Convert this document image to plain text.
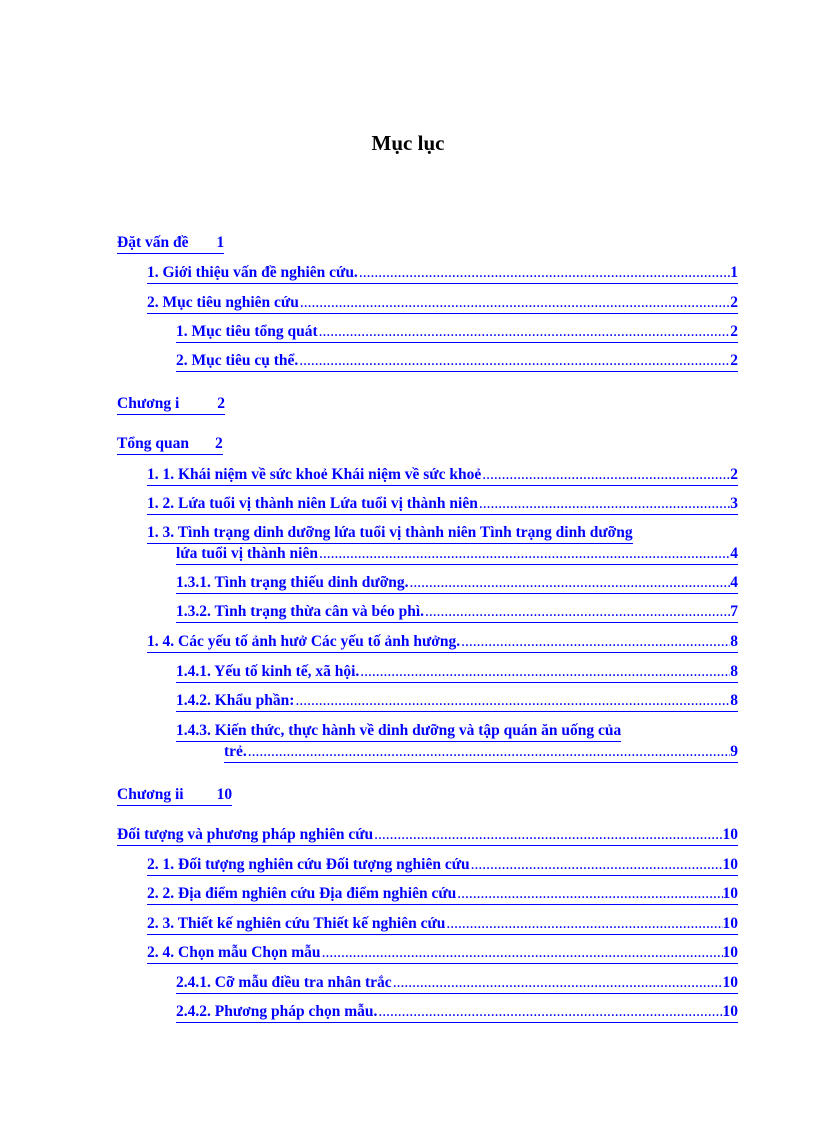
Mục lục
Đặt vấn đề 1
1. Giới thiệu vấn đề nghiên cứu. .....	1
2. Mục tiêu nghiên cứu .....	2
1. Mục tiêu tổng quát .....	2
2. Mục tiêu cụ thể. .....	2
Chương i 2
Tổng quan 2
1. 1. Khái niệm về sức khoẻ Khái niệm về sức khoẻ .....	2
1. 2. Lứa tuổi vị thành niên Lứa tuổi vị thành niên .....	3
1. 3. Tình trạng dinh dưỡng lứa tuổi vị thành niên Tình trạng dinh dưỡng
lứa tuổi vị thành niên .....	4
1.3.1. Tình trạng thiếu dinh dưỡng. .....	4
1.3.2. Tình trạng thừa cân và béo phì. .....	7
1. 4. Các yếu tố ảnh hưở Các yếu tố ảnh hưởng. .....	8
1.4.1. Yếu tố kinh tế, xã hội. .....	8
1.4.2. Khẩu phần: .....	8
1.4.3. Kiến thức, thực hành về dinh dưỡng và tập quán ăn uống của
trẻ. .....	9
Chương ii 10
Đối tượng và phương pháp nghiên cứu .....	10
2. 1. Đối tượng nghiên cứu Đối tượng nghiên cứu .....	10
2. 2. Địa điểm nghiên cứu Địa điểm nghiên cứu .....	10
2. 3. Thiết kế nghiên cứu Thiết kế nghiên cứu .....	10
2. 4. Chọn mẫu Chọn mẫu .....	10
2.4.1. Cỡ mẫu điều tra nhân trắc .....	10
2.4.2. Phương pháp chọn mẫu. .....	10
